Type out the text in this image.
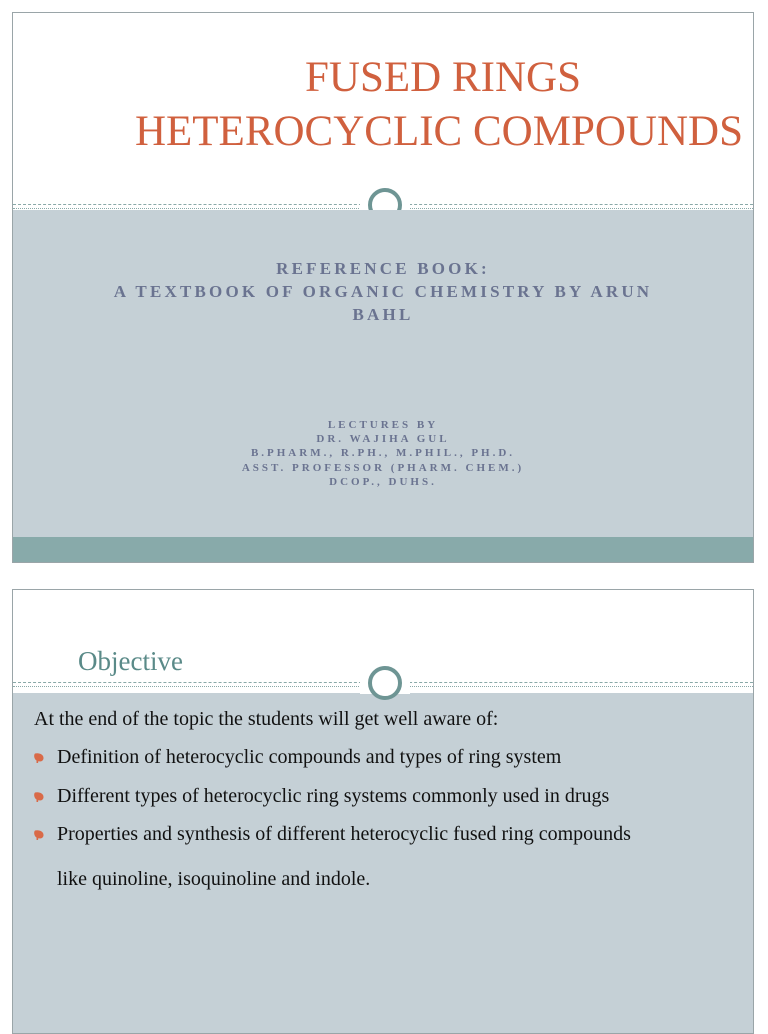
FUSED RINGS
HETEROCYCLIC COMPOUNDS
REFERENCE BOOK:
A TEXTBOOK OF ORGANIC CHEMISTRY BY ARUN
BAHL
LECTURES BY
DR. WAJIHA GUL
B.PHARM., R.PH., M.PHIL., PH.D.
ASST. PROFESSOR (PHARM. CHEM.)
DCOP., DUHS.
Objective
At the end of the topic the students will get well aware of:
Definition of heterocyclic compounds and types of ring system
Different types of heterocyclic ring systems commonly used in drugs
Properties and synthesis of different heterocyclic fused ring compounds
like quinoline, isoquinoline and indole.
